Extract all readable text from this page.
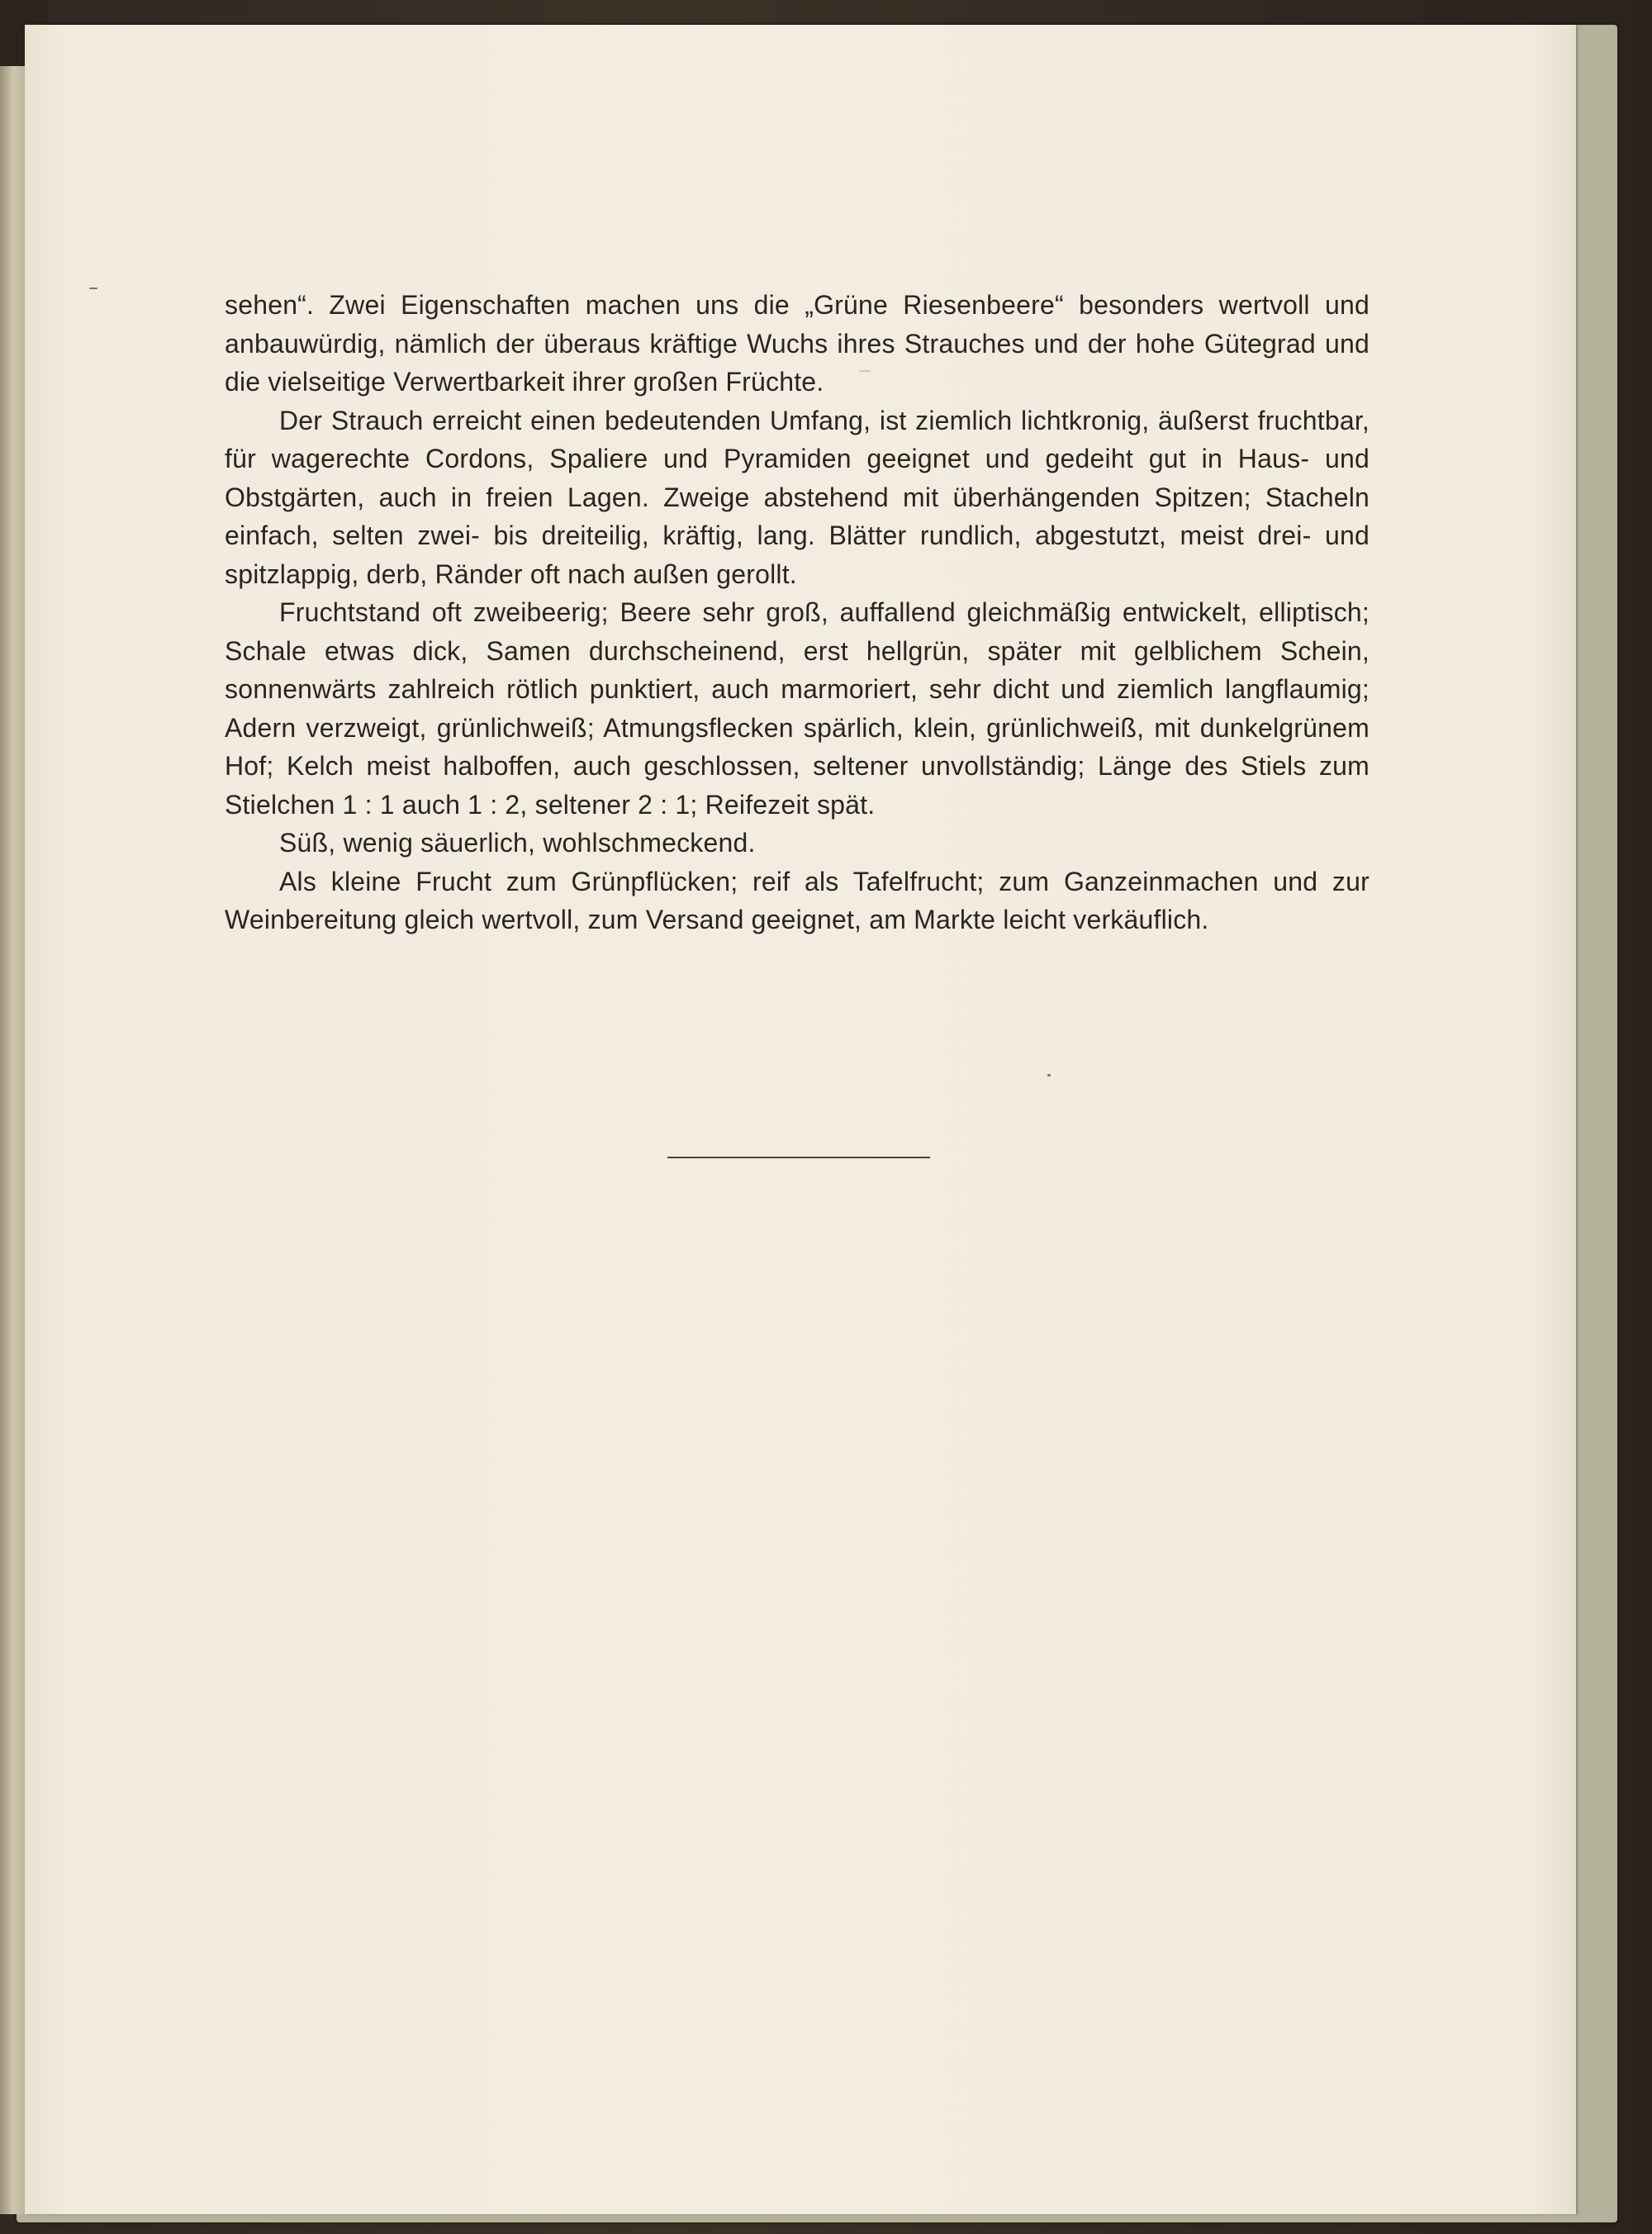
sehen“. Zwei Eigenschaften machen uns die „Grüne Riesenbeere“ besonders wertvoll und anbauwürdig, nämlich der überaus kräftige Wuchs ihres Strauches und der hohe Gütegrad und die vielseitige Verwertbarkeit ihrer großen Früchte.

Der Strauch erreicht einen bedeutenden Umfang, ist ziemlich lichtkronig, äußerst fruchtbar, für wagerechte Cordons, Spaliere und Pyramiden geeignet und gedeiht gut in Haus- und Obstgärten, auch in freien Lagen. Zweige abstehend mit überhängenden Spitzen; Stacheln einfach, selten zwei- bis dreiteilig, kräftig, lang. Blätter rundlich, abgestutzt, meist drei- und spitzlappig, derb, Ränder oft nach außen gerollt.

Fruchtstand oft zweibeerig; Beere sehr groß, auffallend gleichmäßig entwickelt, elliptisch; Schale etwas dick, Samen durchscheinend, erst hellgrün, später mit gelblichem Schein, sonnenwärts zahlreich rötlich punktiert, auch marmoriert, sehr dicht und ziemlich langflaumig; Adern verzweigt, grünlichweiß; Atmungsflecken spärlich, klein, grünlichweiß, mit dunkelgrünem Hof; Kelch meist halboffen, auch geschlossen, seltener unvollständig; Länge des Stiels zum Stielchen 1 : 1 auch 1 : 2, seltener 2 : 1; Reifezeit spät.

Süß, wenig säuerlich, wohlschmeckend.

Als kleine Frucht zum Grünpflücken; reif als Tafelfrucht; zum Ganzeinmachen und zur Weinbereitung gleich wertvoll, zum Versand geeignet, am Markte leicht verkäuflich.
